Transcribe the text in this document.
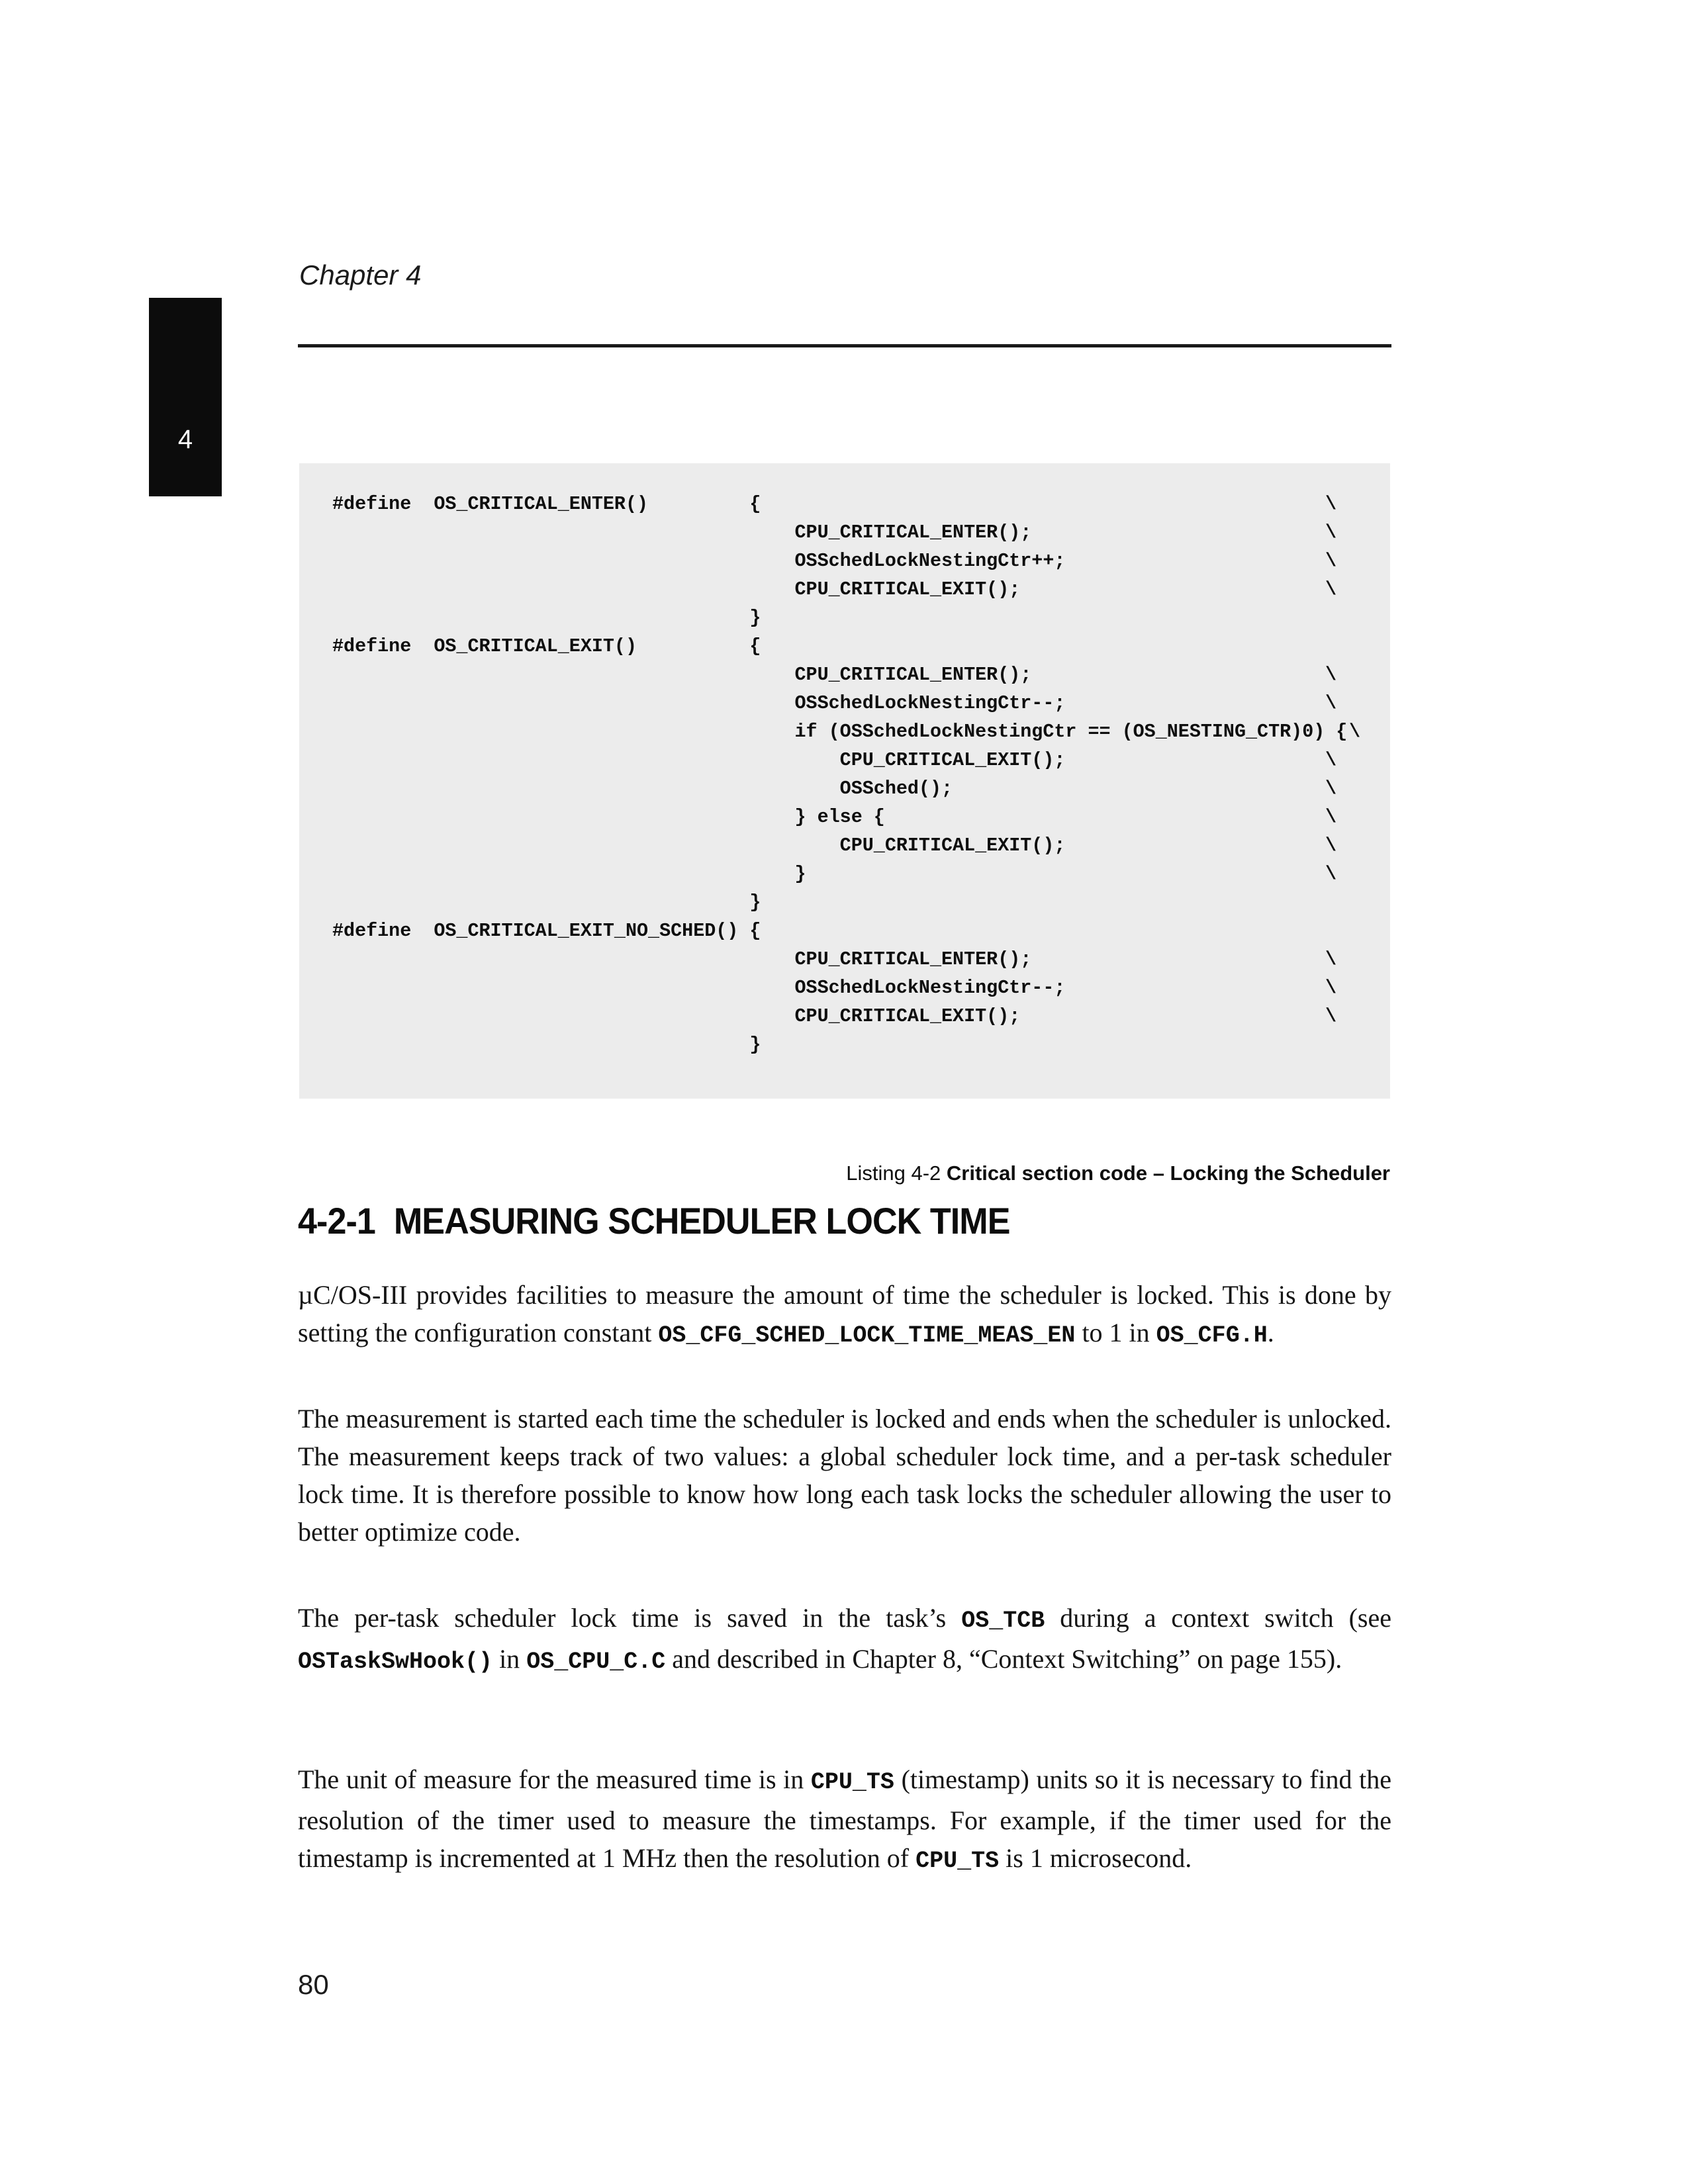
Chapter 4
4
#define  OS_CRITICAL_ENTER()         {	\
CPU_CRITICAL_ENTER();	\
OSSchedLockNestingCtr++;	\
CPU_CRITICAL_EXIT();	\
}
#define  OS_CRITICAL_EXIT()          {
CPU_CRITICAL_ENTER();	\
OSSchedLockNestingCtr--;	\
if (OSSchedLockNestingCtr == (OS_NESTING_CTR)0) { \
CPU_CRITICAL_EXIT();	\
OSSched();	\
} else {	\
CPU_CRITICAL_EXIT();	\
}	\
}
#define  OS_CRITICAL_EXIT_NO_SCHED() {
CPU_CRITICAL_ENTER();	\
OSSchedLockNestingCtr--;	\
CPU_CRITICAL_EXIT();	\
}
Listing 4-2 Critical section code – Locking the Scheduler
4-2-1 MEASURING SCHEDULER LOCK TIME

µC/OS-III provides facilities to measure the amount of time the scheduler is locked. This is done by setting the configuration constant OS_CFG_SCHED_LOCK_TIME_MEAS_EN to 1 in OS_CFG.H.

The measurement is started each time the scheduler is locked and ends when the scheduler is unlocked. The measurement keeps track of two values: a global scheduler lock time, and a per-task scheduler lock time. It is therefore possible to know how long each task locks the scheduler allowing the user to better optimize code.

The per-task scheduler lock time is saved in the task’s OS_TCB during a context switch (see OSTaskSwHook() in OS_CPU_C.C and described in Chapter 8, “Context Switching” on page 155).

The unit of measure for the measured time is in CPU_TS (timestamp) units so it is necessary to find the resolution of the timer used to measure the timestamps. For example, if the timer used for the timestamp is incremented at 1 MHz then the resolution of CPU_TS is 1 microsecond.

80
